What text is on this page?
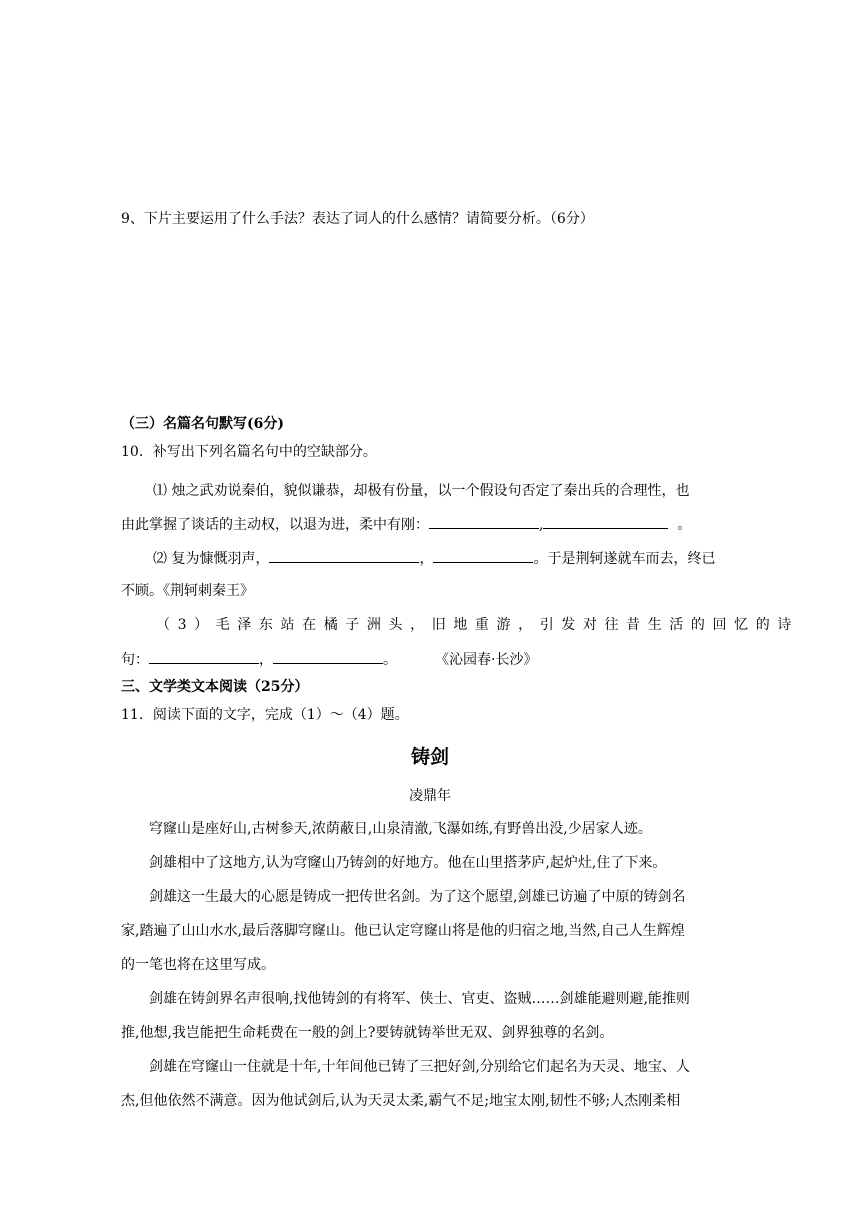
9、下片主要运用了什么手法？表达了词人的什么感情？请简要分析。（6分）
（三）名篇名句默写(6分)
10．补写出下列名篇名句中的空缺部分。
⑴ 烛之武劝说秦伯，貌似谦恭，却极有份量，以一个假设句否定了秦出兵的合理性，也
由此掌握了谈话的主动权，以退为进，柔中有刚：	,	。
⑵ 复为慷慨羽声，	，	。于是荆轲遂就车而去，终已
不顾。《荆轲刺秦王》
（3）毛泽东站在橘子洲头，旧地重游，引发对往昔生活的回忆的诗
句：	，	。	《沁园春·长沙》
三、文学类文本阅读（25分）
11．阅读下面的文字，完成（1）～（4）题。
铸剑
凌鼎年
穹窿山是座好山,古树参天,浓荫蔽日,山泉清澈,飞瀑如练,有野兽出没,少居家人迹。
剑雄相中了这地方,认为穹窿山乃铸剑的好地方。他在山里搭茅庐,起炉灶,住了下来。
剑雄这一生最大的心愿是铸成一把传世名剑。为了这个愿望,剑雄已访遍了中原的铸剑名
家,踏遍了山山水水,最后落脚穹窿山。他已认定穹窿山将是他的归宿之地,当然,自己人生辉煌
的一笔也将在这里写成。
剑雄在铸剑界名声很响,找他铸剑的有将军、侠士、官吏、盗贼……剑雄能避则避,能推则
推,他想,我岂能把生命耗费在一般的剑上?要铸就铸举世无双、剑界独尊的名剑。
剑雄在穹窿山一住就是十年,十年间他已铸了三把好剑,分别给它们起名为天灵、地宝、人
杰,但他依然不满意。因为他试剑后,认为天灵太柔,霸气不足;地宝太刚,韧性不够;人杰刚柔相
